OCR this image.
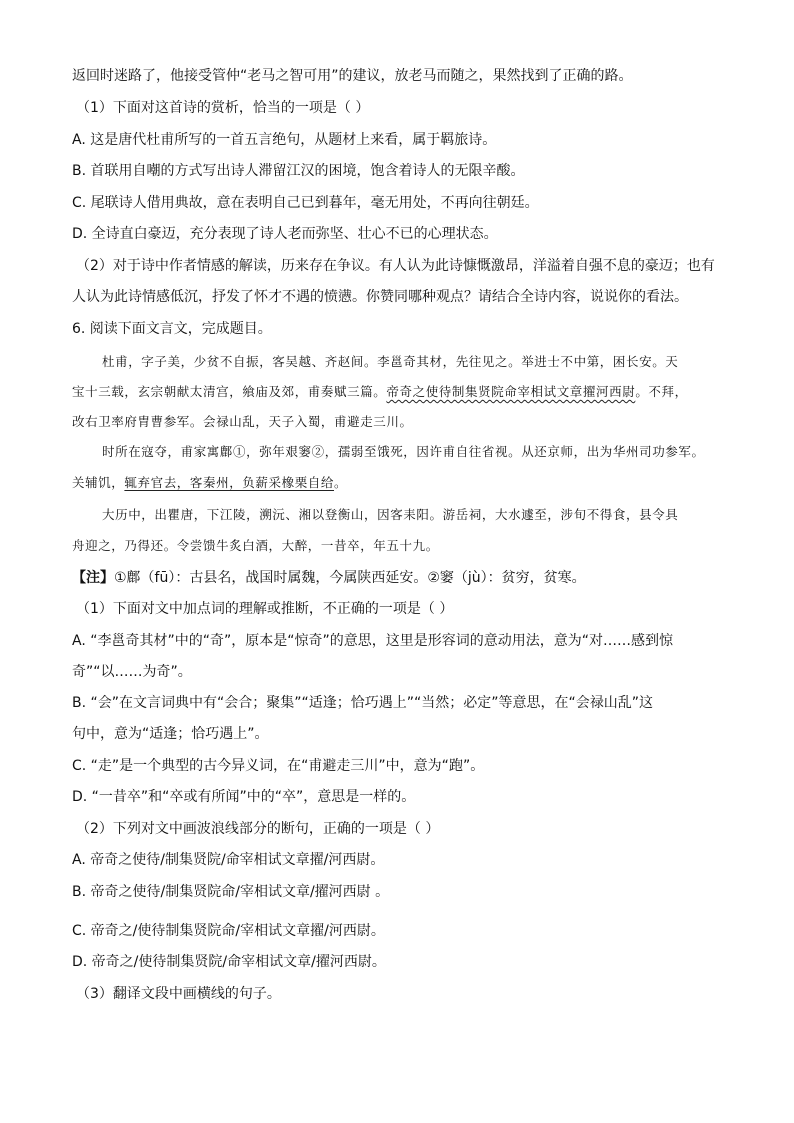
返回时迷路了，他接受管仲“老马之智可用”的建议，放老马而随之，果然找到了正确的路。
（1）下面对这首诗的赏析，恰当的一项是（ ）
A. 这是唐代杜甫所写的一首五言绝句，从题材上来看，属于羁旅诗。
B. 首联用自嘲的方式写出诗人滞留江汉的困境，饱含着诗人的无限辛酸。
C. 尾联诗人借用典故，意在表明自己已到暮年，毫无用处，不再向往朝廷。
D. 全诗直白豪迈，充分表现了诗人老而弥坚、壮心不已的心理状态。
（2）对于诗中作者情感的解读，历来存在争议。有人认为此诗慷慨激昂，洋溢着自强不息的豪迈；也有
人认为此诗情感低沉，抒发了怀才不遇的愤懑。你赞同哪种观点？请结合全诗内容，说说你的看法。
6. 阅读下面文言文，完成题目。
杜甫，字子美，少贫不自振，客吴越、齐赵间。李邕奇其材，先往见之。举进士不中第，困长安。天
宝十三载，玄宗朝献太清宫，飨庙及郊，甫奏赋三篇。帝奇之使待制集贤院命宰相试文章擢河西尉。不拜，
改右卫率府胄曹参军。会禄山乱，天子入蜀，甫避走三川。
时所在寇夺，甫家寓鄜①，弥年艰窭②，孺弱至饿死，因许甫自往省视。从还京师，出为华州司功参军。
关辅饥，辄弃官去，客秦州，负薪采橡栗自给。
大历中，出瞿唐，下江陵，溯沅、湘以登衡山，因客耒阳。游岳祠，大水遽至，涉旬不得食，县令具
舟迎之，乃得还。令尝馈牛炙白酒，大醉，一昔卒，年五十九。
【注】①鄜（fū）：古县名，战国时属魏，今属陕西延安。②窭（jù）：贫穷，贫寒。
（1）下面对文中加点词的理解或推断，不正确的一项是（ ）
A. “李邕奇其材”中的“奇”，原本是“惊奇”的意思，这里是形容词的意动用法，意为“对……感到惊
奇”“以……为奇”。
B. “会”在文言词典中有“会合；聚集”“适逢；恰巧遇上”“当然；必定”等意思，在“会禄山乱”这
句中，意为“适逢；恰巧遇上”。
C. “走”是一个典型的古今异义词，在“甫避走三川”中，意为“跑”。
D. “一昔卒”和“卒或有所闻”中的“卒”，意思是一样的。
（2）下列对文中画波浪线部分的断句，正确的一项是（ ）
A. 帝奇之使待/制集贤院/命宰相试文章擢/河西尉。
B. 帝奇之使待/制集贤院命/宰相试文章/擢河西尉 。
C. 帝奇之/使待制集贤院命/宰相试文章擢/河西尉。
D. 帝奇之/使待制集贤院/命宰相试文章/擢河西尉。
（3）翻译文段中画横线的句子。
